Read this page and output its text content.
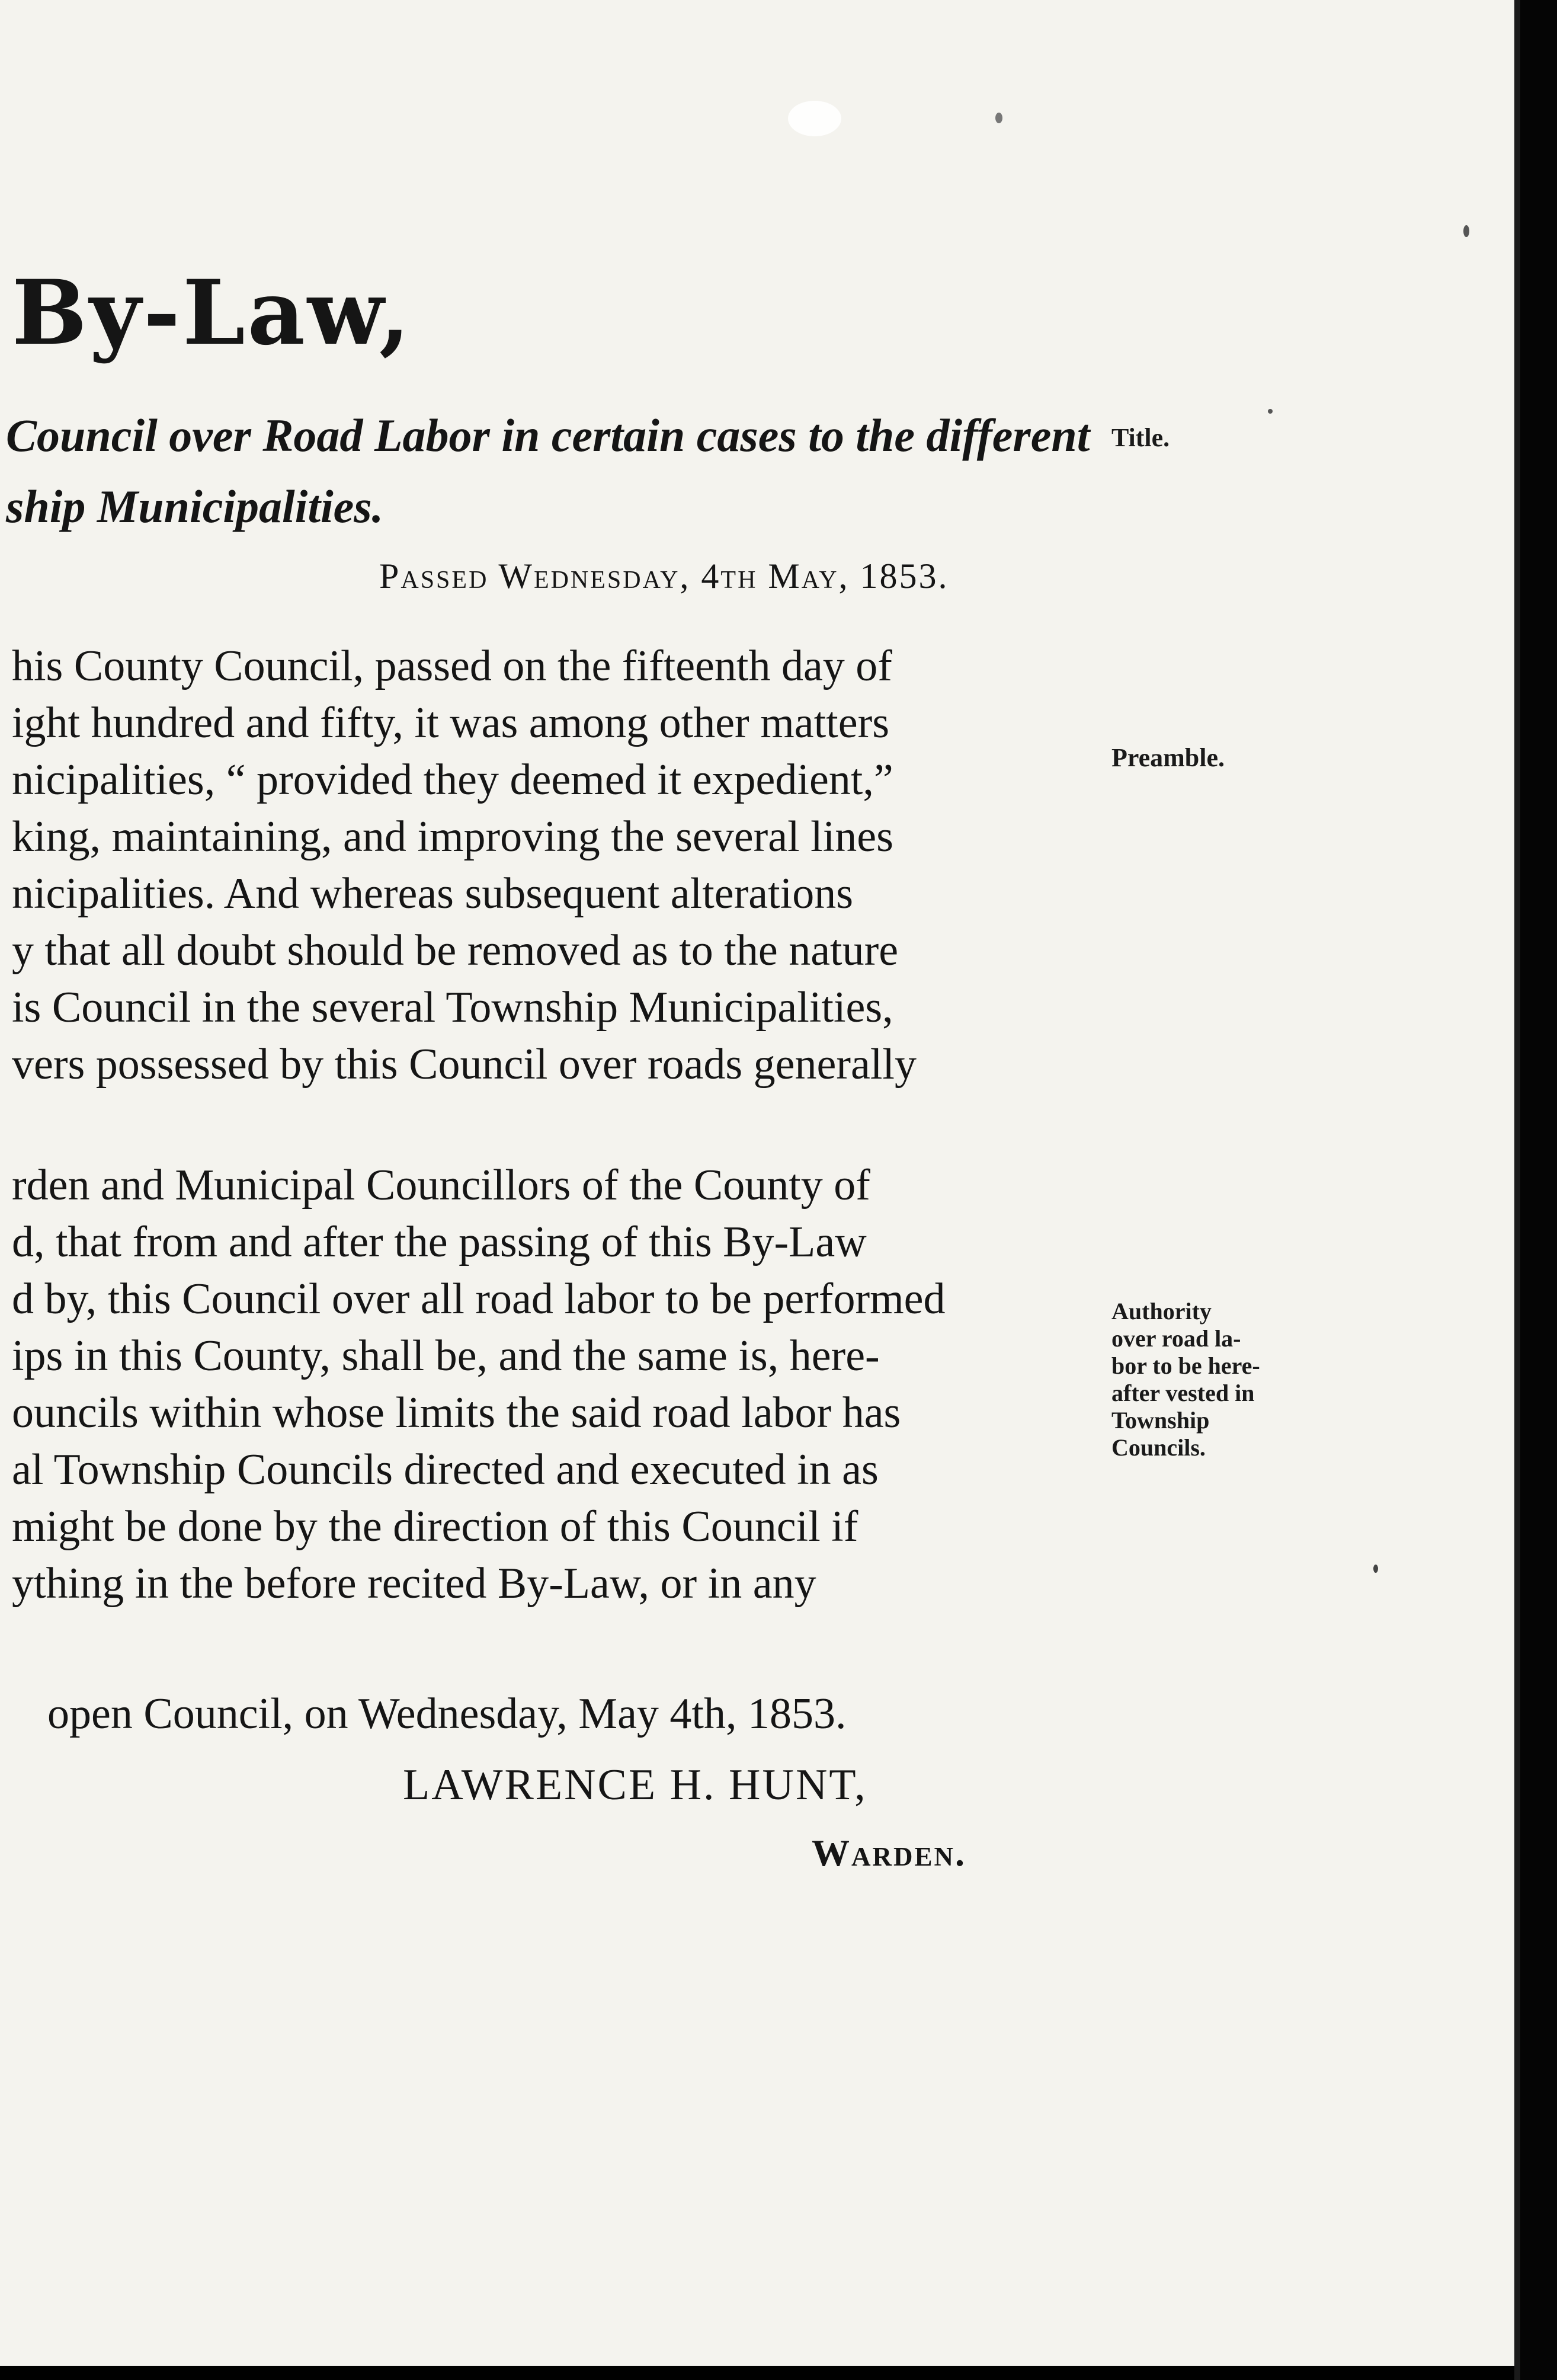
By-Law,
Council over Road Labor in certain cases to the different
ship Municipalities.
Passed Wednesday, 4th May, 1853.
his County Council, passed on the fifteenth day of
ight hundred and fifty, it was among other matters
nicipalities, “ provided they deemed it expedient,”
king, maintaining, and improving the several lines
nicipalities. And whereas subsequent alterations
y that all doubt should be removed as to the nature
is Council in the several Township Municipalities,
vers possessed by this Council over roads generally
rden and Municipal Councillors of the County of
d, that from and after the passing of this By-Law
d by, this Council over all road labor to be performed
ips in this County, shall be, and the same is, here-
ouncils within whose limits the said road labor has
al Township Councils directed and executed in as
might be done by the direction of this Council if
ything in the before recited By-Law, or in any
open Council, on Wednesday, May 4th, 1853.
LAWRENCE H. HUNT,
Warden.
Title.
Preamble.
Authority
over road la-
bor to be here-
after vested in
Township
Councils.
